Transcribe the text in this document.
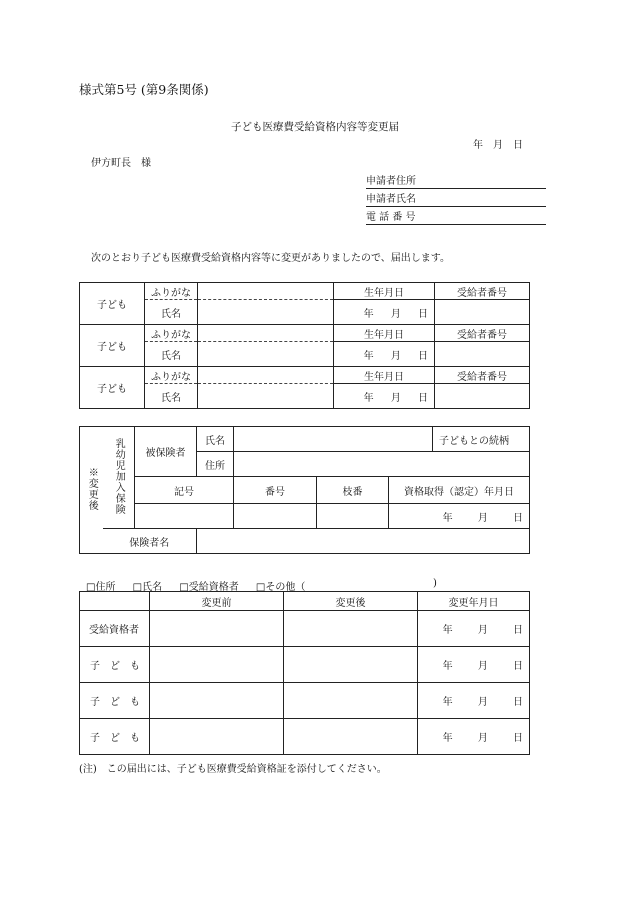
様式第5号 (第9条関係)
子ども医療費受給資格内容等変更届
年　月　日
伊方町長　様
申請者住所
申請者氏名
電 話 番 号
次のとおり子ども医療費受給資格内容等に変更がありましたので、届出します。
子ども	ふりがな		生年月日	受給者番号
	氏名		年 月 日	
子ども	ふりがな		生年月日	受給者番号
	氏名		年 月 日	
子ども	ふりがな		生年月日	受給者番号
	氏名		年 月 日	
※変更後	乳幼児加入保険	被保険者	氏名				子どもとの続柄
			住所				
		記号		番号	枝番	資格取得（認定）年月日	
						年 月 日	
	保険者名						
□住所 □氏名 □受給資格者 □その他（	)
	変更前	変更後	変更年月日
受給資格者			年 月 日
子　ど　も			年 月 日
子　ど　も			年 月 日
子　ど　も			年 月 日
(注)　この届出には、子ども医療費受給資格証を添付してください。
